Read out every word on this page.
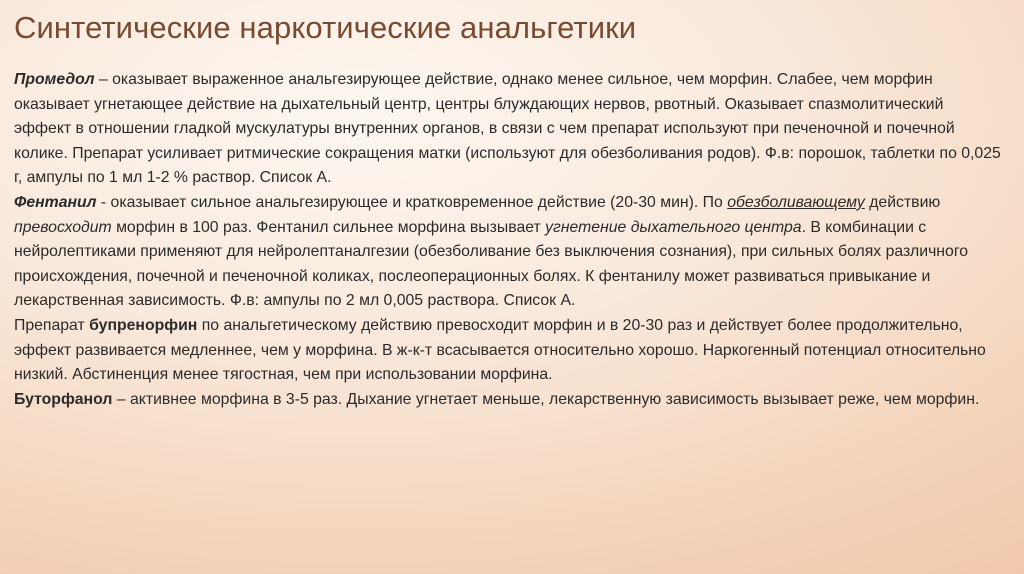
Синтетические наркотические анальгетики

Промедол – оказывает выраженное анальгезирующее действие, однако менее сильное, чем морфин. Слабее, чем морфин оказывает угнетающее действие на дыхательный центр, центры блуждающих нервов, рвотный. Оказывает спазмолитический эффект в отношении гладкой мускулатуры внутренних органов, в связи с чем препарат используют при печеночной и почечной колике. Препарат усиливает ритмические сокращения матки (используют для обезболивания родов). Ф.в: порошок, таблетки по 0,025 г, ампулы по 1 мл 1-2 % раствор. Список А.

Фентанил - оказывает сильное анальгезирующее и кратковременное действие (20-30 мин). По обезболивающему действию превосходит морфин в 100 раз. Фентанил сильнее морфина вызывает угнетение дыхательного центра. В комбинации с нейролептиками применяют для нейролептаналгезии (обезболивание без выключения сознания), при сильных болях различного происхождения, почечной и печеночной коликах, послеоперационных болях. К фентанилу может развиваться привыкание и лекарственная зависимость. Ф.в: ампулы по 2 мл 0,005 раствора. Список А.

Препарат бупренорфин по анальгетическому действию превосходит морфин и в 20-30 раз и действует более продолжительно, эффект развивается медленнее, чем у морфина. В ж-к-т всасывается относительно хорошо. Наркогенный потенциал относительно низкий. Абстиненция менее тягостная, чем при использовании морфина.

Буторфанол – активнее морфина в 3-5 раз. Дыхание угнетает меньше, лекарственную зависимость вызывает реже, чем морфин.
